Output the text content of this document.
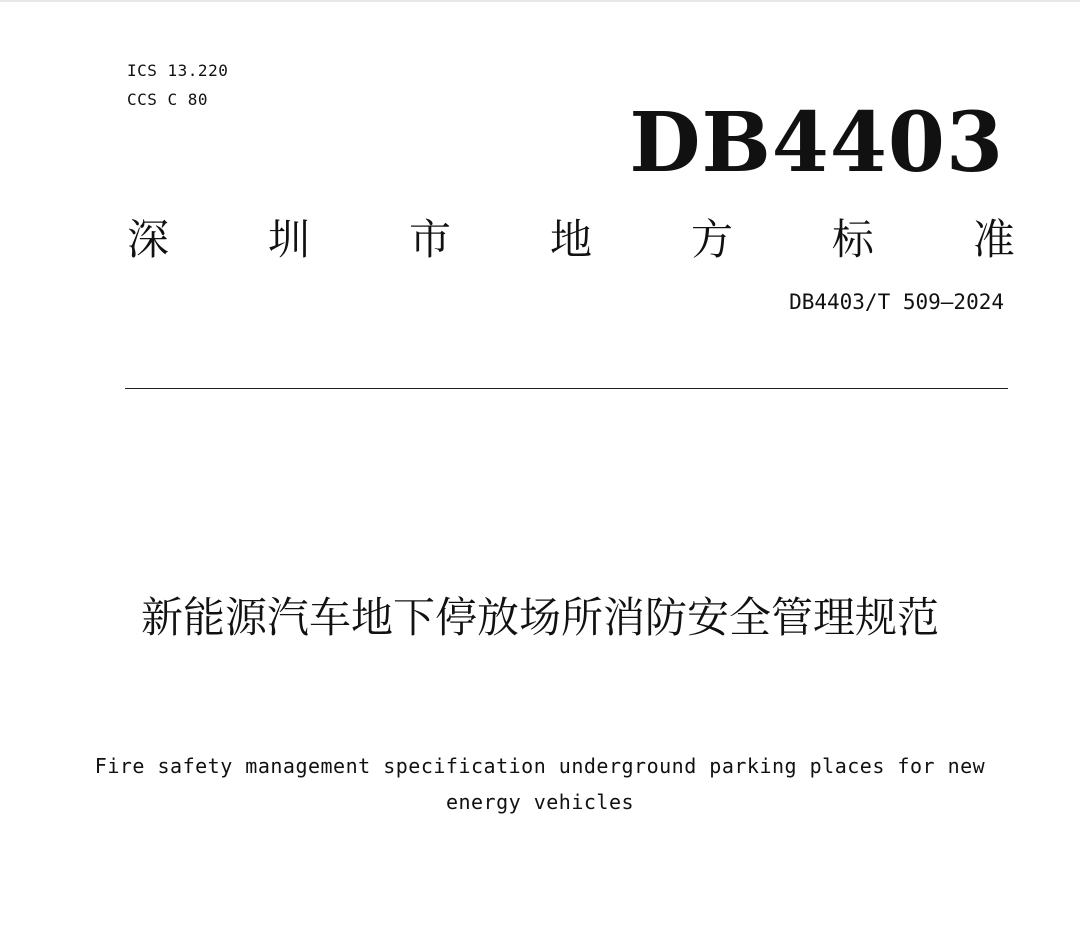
ICS 13.220
CCS C 80	DB4403
深 圳 市 地 方 标 准
DB4403/T 509—2024
新能源汽车地下停放场所消防安全管理规范
Fire safety management specification underground parking places for new energy vehicles
